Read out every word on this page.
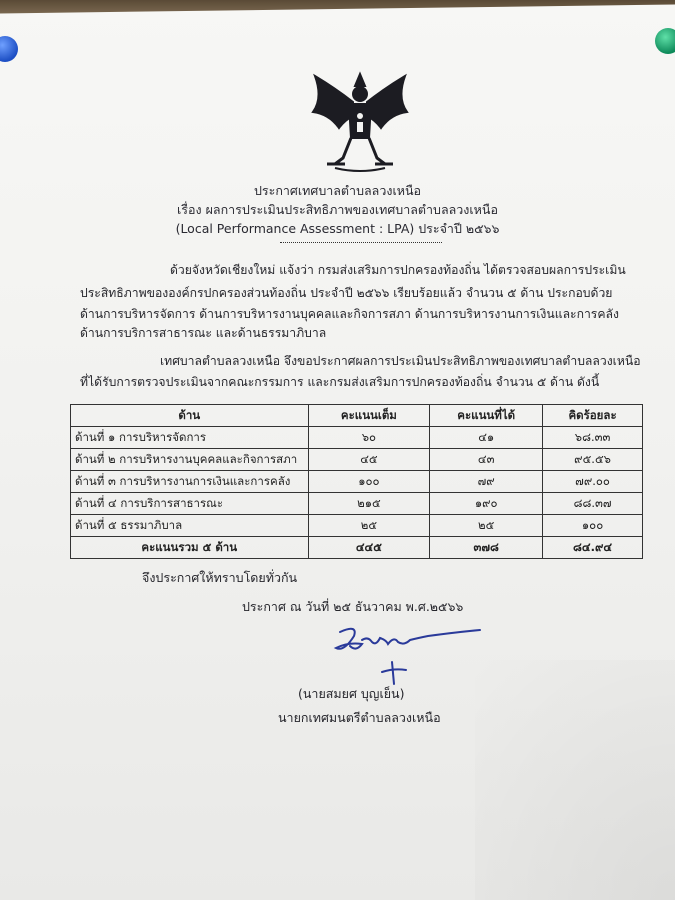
ประกาศเทศบาลตำบลลวงเหนือ
เรื่อง ผลการประเมินประสิทธิภาพของเทศบาลตำบลลวงเหนือ
(Local Performance Assessment : LPA) ประจำปี ๒๕๖๖

ด้วยจังหวัดเชียงใหม่ แจ้งว่า กรมส่งเสริมการปกครองท้องถิ่น ได้ตรวจสอบผลการประเมิน

ประสิทธิภาพขององค์กรปกครองส่วนท้องถิ่น ประจำปี ๒๕๖๖ เรียบร้อยแล้ว จำนวน ๕ ด้าน ประกอบด้วย

ด้านการบริหารจัดการ ด้านการบริหารงานบุคคลและกิจการสภา ด้านการบริหารงานการเงินและการคลัง

ด้านการบริการสาธารณะ และด้านธรรมาภิบาล

เทศบาลตำบลลวงเหนือ จึงขอประกาศผลการประเมินประสิทธิภาพของเทศบาลตำบลลวงเหนือ

ที่ได้รับการตรวจประเมินจากคณะกรรมการ และกรมส่งเสริมการปกครองท้องถิ่น จำนวน ๕ ด้าน ดังนี้

ด้าน	คะแนนเต็ม	คะแนนที่ได้	คิดร้อยละ
ด้านที่ ๑ การบริหารจัดการ	๖๐	๔๑	๖๘.๓๓
ด้านที่ ๒ การบริหารงานบุคคลและกิจการสภา	๔๕	๔๓	๙๕.๕๖
ด้านที่ ๓ การบริหารงานการเงินและการคลัง	๑๐๐	๗๙	๗๙.๐๐
ด้านที่ ๔ การบริการสาธารณะ	๒๑๕	๑๙๐	๘๘.๓๗
ด้านที่ ๕ ธรรมาภิบาล	๒๕	๒๕	๑๐๐
คะแนนรวม ๕ ด้าน	๔๔๕	๓๗๘	๘๔.๙๔
จึงประกาศให้ทราบโดยทั่วกัน
ประกาศ ณ วันที่ ๒๕ ธันวาคม พ.ศ.๒๕๖๖
(นายสมยศ บุญเย็น)
นายกเทศมนตรีตำบลลวงเหนือ
